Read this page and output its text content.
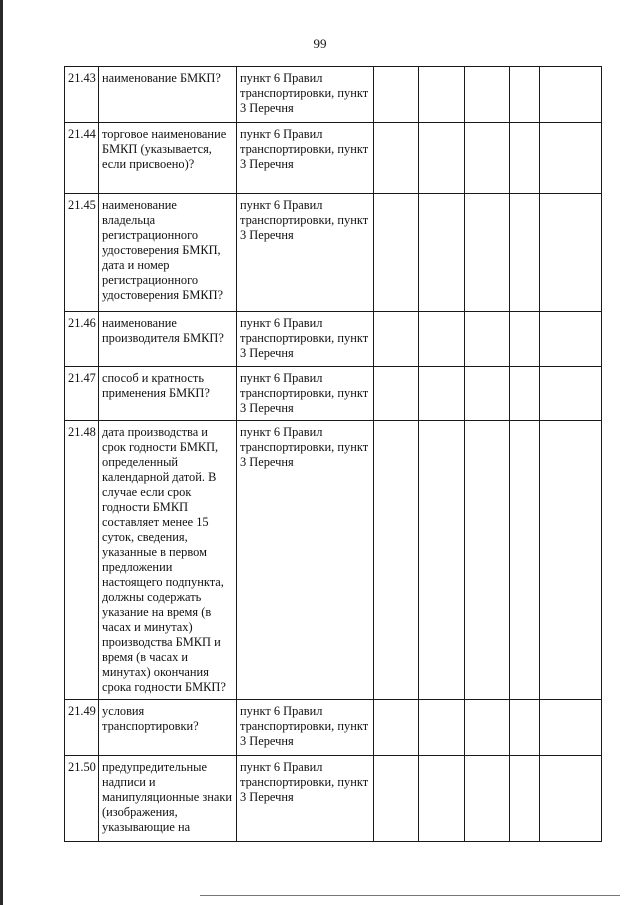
99
21.43	наименование БМКП?	пункт 6 Правил транспортировки, пункт 3 Перечня					
21.44	торговое наименование БМКП (указывается, если присвоено)?	пункт 6 Правил транспортировки, пункт 3 Перечня					
21.45	наименование владельца регистрационного удостоверения БМКП, дата и номер регистрационного удостоверения БМКП?	пункт 6 Правил транспортировки, пункт 3 Перечня					
21.46	наименование производителя БМКП?	пункт 6 Правил транспортировки, пункт 3 Перечня					
21.47	способ и кратность применения БМКП?	пункт 6 Правил транспортировки, пункт 3 Перечня					
21.48	дата производства и срок годности БМКП, определенный календарной датой. В случае если срок годности БМКП составляет менее 15 суток, сведения, указанные в первом предложении настоящего подпункта, должны содержать указание на время (в часах и минутах) производства БМКП и время (в часах и минутах) окончания срока годности БМКП?	пункт 6 Правил транспортировки, пункт 3 Перечня					
21.49	условия транспортировки?	пункт 6 Правил транспортировки, пункт 3 Перечня					
21.50	предупредительные надписи и манипуляционные знаки (изображения, указывающие на	пункт 6 Правил транспортировки, пункт 3 Перечня					
